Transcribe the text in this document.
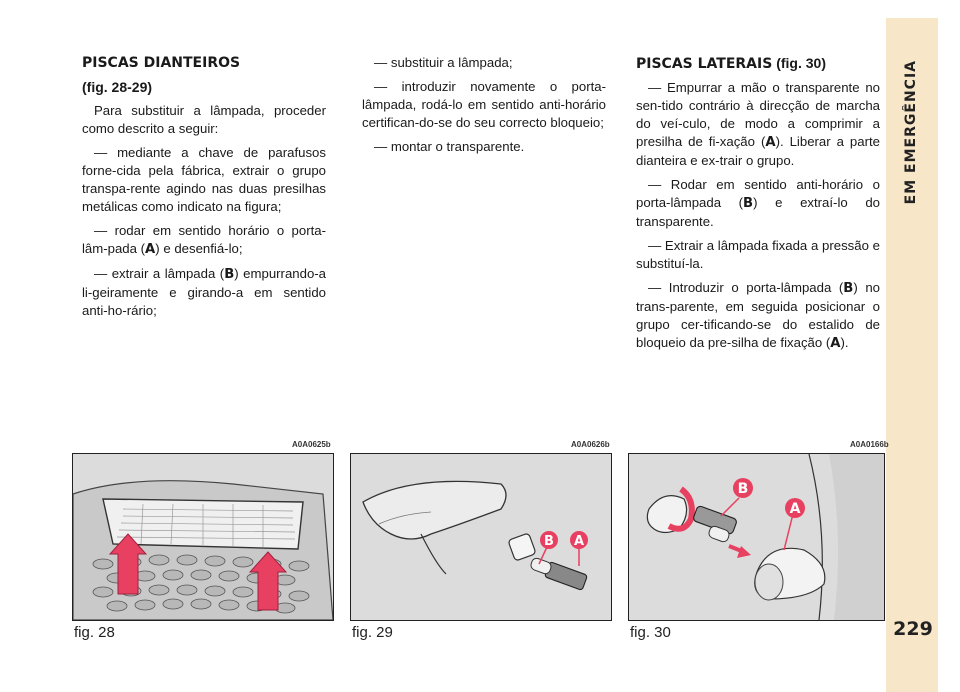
EM EMERGÊNCIA
229

PISCAS DIANTEIROS

(fig. 28-29)

Para substituir a lâmpada, proceder como descrito a seguir:

— mediante a chave de parafusos forne-cida pela fábrica, extrair o grupo transpa-rente agindo nas duas presilhas metálicas como indicato na figura;

— rodar em sentido horário o porta-lâm-pada (A) e desenfiá-lo;

— extrair a lâmpada (B) empurrando-a li-geiramente e girando-a em sentido anti-ho-rário;

— substituir a lâmpada;

— introduzir novamente o porta-lâmpada, rodá-lo em sentido anti-horário certifican-do-se do seu correcto bloqueio;

— montar o transparente.

PISCAS LATERAIS (fig. 30)

— Empurrar a mão o transparente no sen-tido contrário à direcção de marcha do veí-culo, de modo a comprimir a presilha de fi-xação (A). Liberar a parte dianteira e ex-trair o grupo.

— Rodar em sentido anti-horário o porta-lâmpada (B) e extraí-lo do transparente.

— Extrair a lâmpada fixada a pressão e substituí-la.

— Introduzir o porta-lâmpada (B) no trans-parente, em seguida posicionar o grupo cer-tificando-se do estalido de bloqueio da pre-silha de fixação (A).

A0A0625b	A0A0626b	A0A0166b
B A
B
A
fig. 28	fig. 29	fig. 30
